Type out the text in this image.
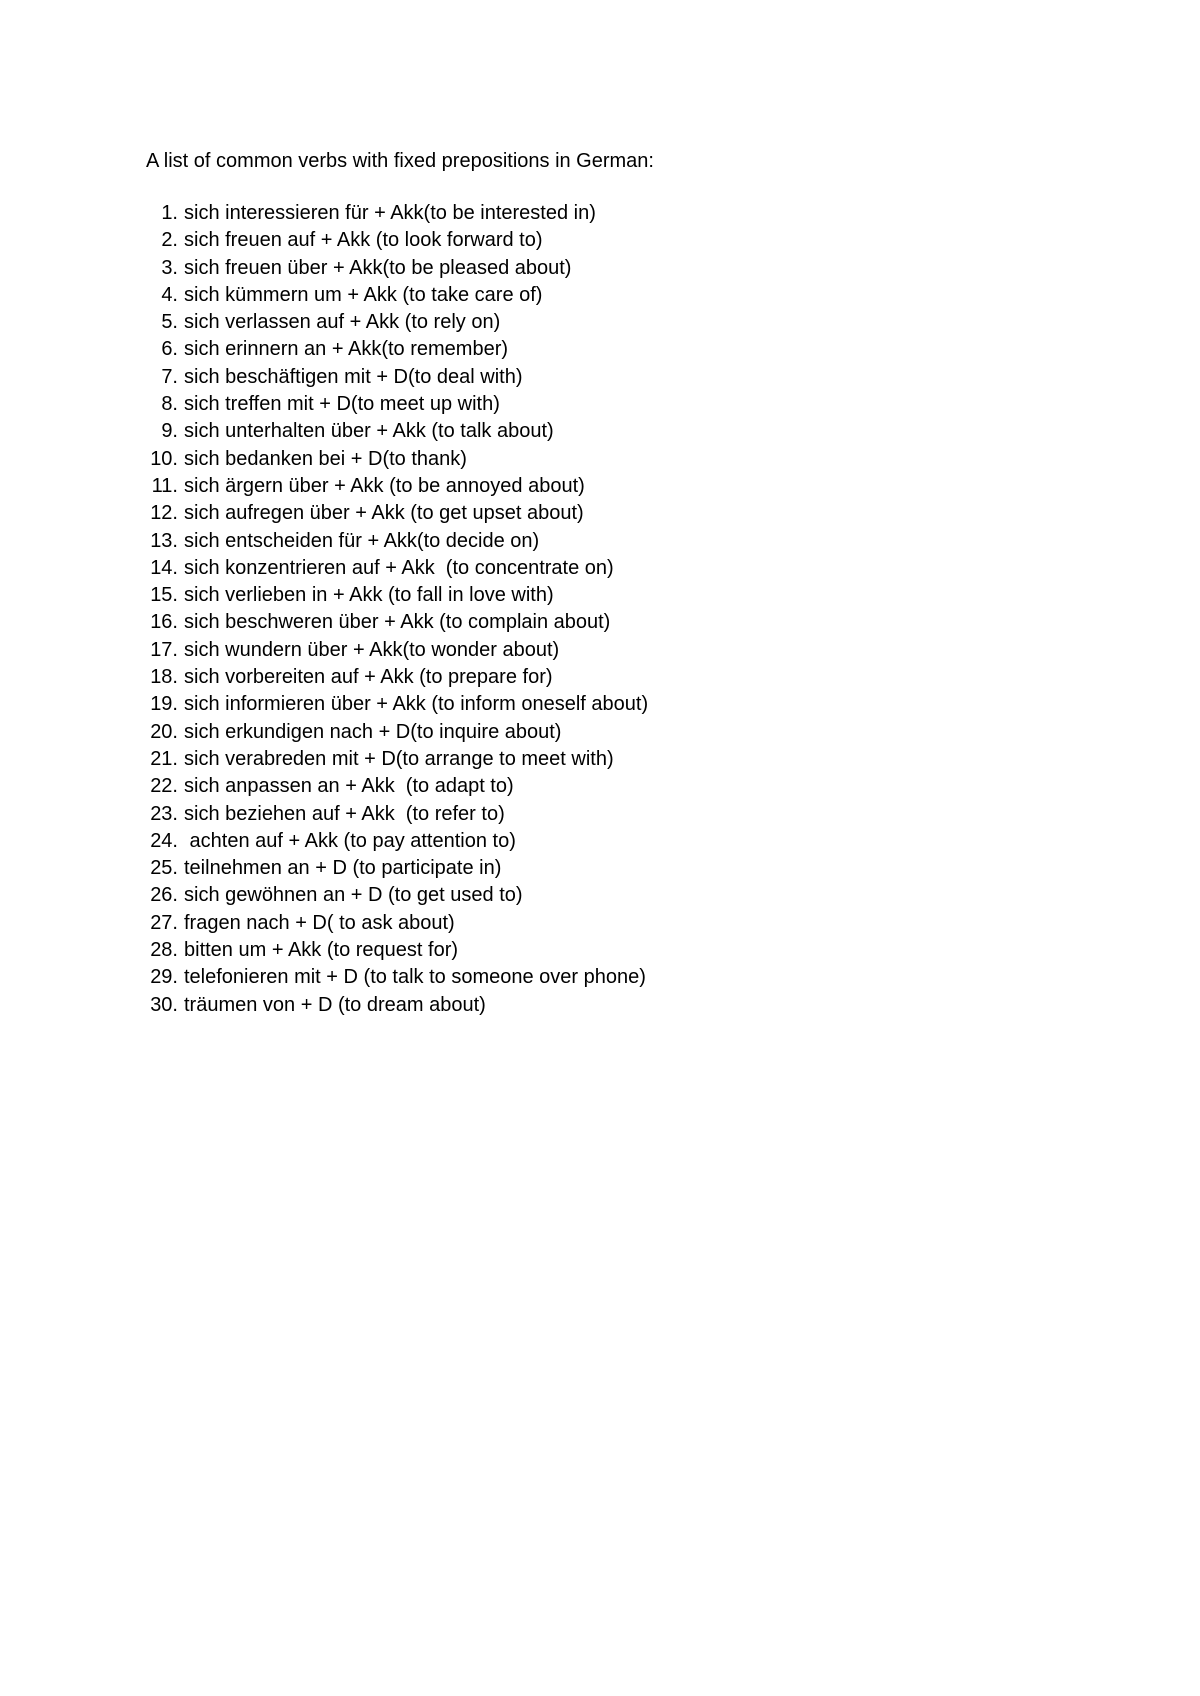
A list of common verbs with fixed prepositions in German:
1. sich interessieren für + Akk(to be interested in)
2. sich freuen auf + Akk (to look forward to)
3. sich freuen über + Akk(to be pleased about)
4. sich kümmern um + Akk (to take care of)
5. sich verlassen auf + Akk (to rely on)
6. sich erinnern an + Akk(to remember)
7. sich beschäftigen mit + D(to deal with)
8. sich treffen mit + D(to meet up with)
9. sich unterhalten über + Akk (to talk about)
10. sich bedanken bei + D(to thank)
11. sich ärgern über + Akk (to be annoyed about)
12. sich aufregen über + Akk (to get upset about)
13. sich entscheiden für + Akk(to decide on)
14. sich konzentrieren auf + Akk  (to concentrate on)
15. sich verlieben in + Akk (to fall in love with)
16. sich beschweren über + Akk (to complain about)
17. sich wundern über + Akk(to wonder about)
18. sich vorbereiten auf + Akk (to prepare for)
19. sich informieren über + Akk (to inform oneself about)
20. sich erkundigen nach + D(to inquire about)
21. sich verabreden mit + D(to arrange to meet with)
22. sich anpassen an + Akk  (to adapt to)
23. sich beziehen auf + Akk  (to refer to)
24. achten auf + Akk (to pay attention to)
25. teilnehmen an + D (to participate in)
26. sich gewöhnen an + D (to get used to)
27. fragen nach + D( to ask about)
28. bitten um + Akk (to request for)
29. telefonieren mit + D (to talk to someone over phone)
30. träumen von + D (to dream about)
